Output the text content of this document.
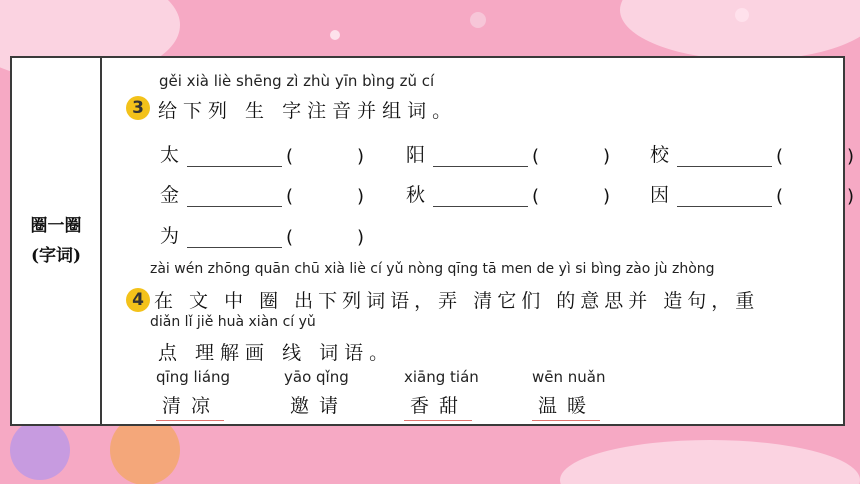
圈一圈
(字词)
gěi xià liè shēng zì zhù yīn bìng zǔ cí
3 给下列 生 字注音并组词。
太	(	) 阳	(	) 校	(	)
金	(	) 秋	(	) 因	(	)
为	(	)
zài wén zhōng quān chū xià liè cí yǔ nòng qīng tā men de yì si bìng zào jù zhòng
4 在 文 中 圈 出下列词语，弄 清它们 的意思并 造句，重
diǎn lǐ jiě huà xiàn cí yǔ
点 理解画 线 词语。
qīng liáng
清凉
yāo qǐng
邀请
xiāng tián
香甜
wēn nuǎn
温暖
